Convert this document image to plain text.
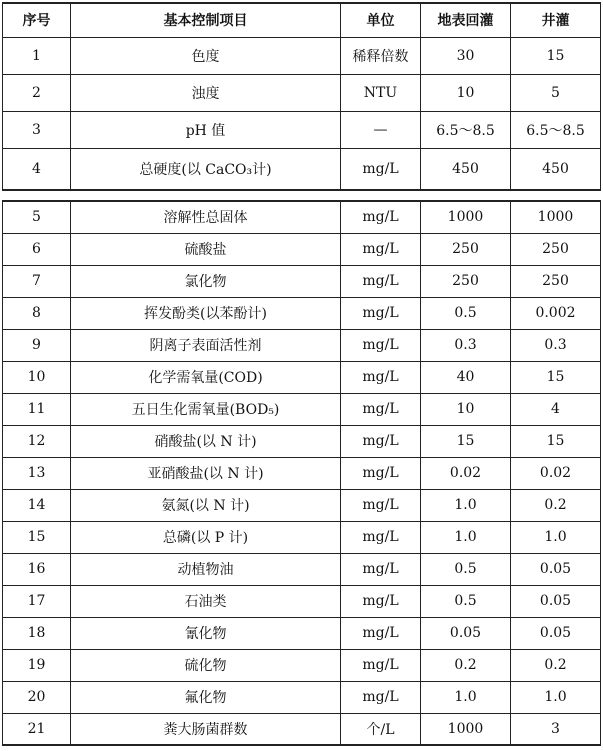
序号	基本控制项目	单位	地表回灌	井灌
1	色度	稀释倍数	30	15
2	浊度	NTU	10	5
3	pH 值	—	6.5～8.5	6.5～8.5
4	总硬度(以 CaCO₃计)	mg/L	450	450
5	溶解性总固体	mg/L	1000	1000
6	硫酸盐	mg/L	250	250
7	氯化物	mg/L	250	250
8	挥发酚类(以苯酚计)	mg/L	0.5	0.002
9	阴离子表面活性剂	mg/L	0.3	0.3
10	化学需氧量(COD)	mg/L	40	15
11	五日生化需氧量(BOD₅)	mg/L	10	4
12	硝酸盐(以 N 计)	mg/L	15	15
13	亚硝酸盐(以 N 计)	mg/L	0.02	0.02
14	氨氮(以 N 计)	mg/L	1.0	0.2
15	总磷(以 P 计)	mg/L	1.0	1.0
16	动植物油	mg/L	0.5	0.05
17	石油类	mg/L	0.5	0.05
18	氰化物	mg/L	0.05	0.05
19	硫化物	mg/L	0.2	0.2
20	氟化物	mg/L	1.0	1.0
21	粪大肠菌群数	个/L	1000	3
